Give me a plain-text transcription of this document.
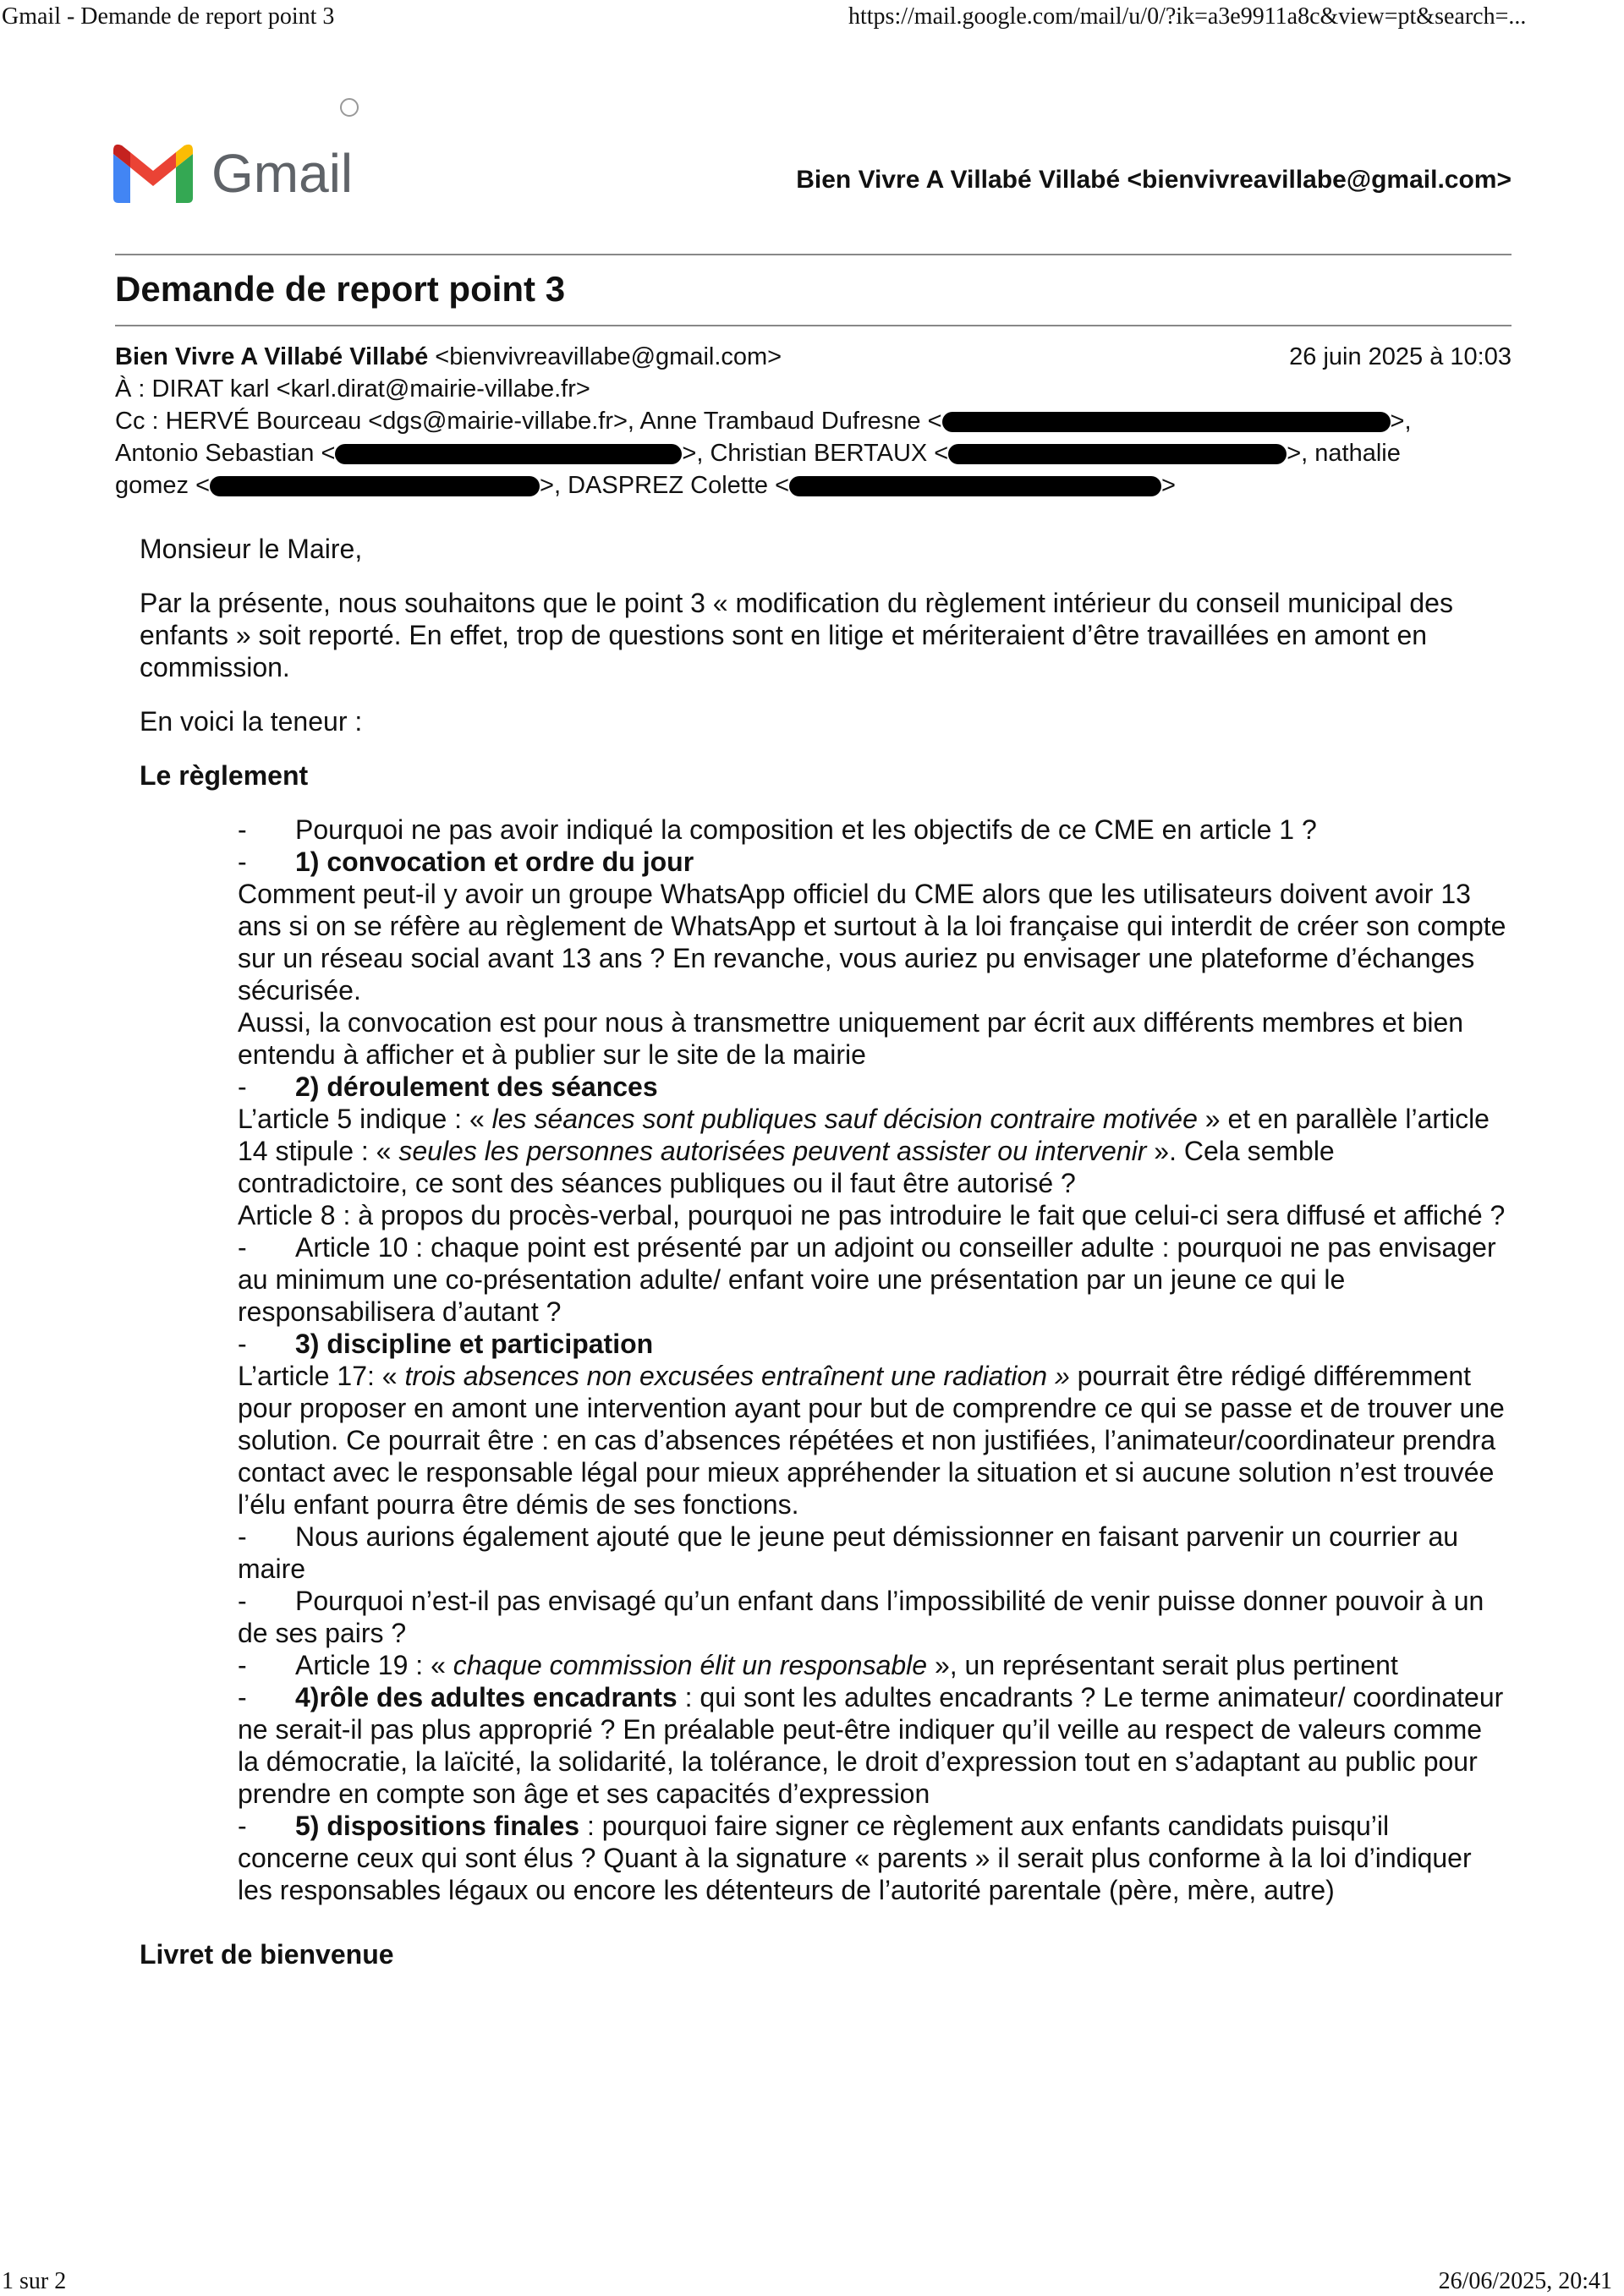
Gmail - Demande de report point 3	https://mail.google.com/mail/u/0/?ik=a3e9911a8c&view=pt&search=...
Gmail	Bien Vivre A Villabé Villabé <bienvivreavillabe@gmail.com>
Demande de report point 3
Bien Vivre A Villabé Villabé <bienvivreavillabe@gmail.com>	26 juin 2025 à 10:03
À : DIRAT karl <karl.dirat@mairie-villabe.fr>
Cc : HERVÉ Bourceau <dgs@mairie-villabe.fr>, Anne Trambaud Dufresne <	>,
Antonio Sebastian <	>, Christian BERTAUX <	>, nathalie
gomez <	>, DASPREZ Colette <	>

Monsieur le Maire,

Par la présente, nous souhaitons que le point 3 « modification du règlement intérieur du conseil municipal des enfants » soit reporté. En effet, trop de questions sont en litige et mériteraient d’être travaillées en amont en commission.

En voici la teneur :

Le règlement
- Pourquoi ne pas avoir indiqué la composition et les objectifs de ce CME en article 1 ?
- 1) convocation et ordre du jour
Comment peut-il y avoir un groupe WhatsApp officiel du CME alors que les utilisateurs doivent avoir 13 ans si on se réfère au règlement de WhatsApp et surtout à la loi française qui interdit de créer son compte sur un réseau social avant 13 ans ? En revanche, vous auriez pu envisager une plateforme d’échanges sécurisée.
Aussi, la convocation est pour nous à transmettre uniquement par écrit aux différents membres et bien entendu à afficher et à publier sur le site de la mairie
- 2) déroulement des séances
L’article 5 indique : « les séances sont publiques sauf décision contraire motivée » et en parallèle l’article 14 stipule : « seules les personnes autorisées peuvent assister ou intervenir ». Cela semble contradictoire, ce sont des séances publiques ou il faut être autorisé ?
Article 8 : à propos du procès-verbal, pourquoi ne pas introduire le fait que celui-ci sera diffusé et affiché ?
- Article 10 : chaque point est présenté par un adjoint ou conseiller adulte : pourquoi ne pas envisager au minimum une co-présentation adulte/ enfant voire une présentation par un jeune ce qui le responsabilisera d’autant ?
- 3) discipline et participation
L’article 17: « trois absences non excusées entraînent une radiation » pourrait être rédigé différemment pour proposer en amont une intervention ayant pour but de comprendre ce qui se passe et de trouver une solution. Ce pourrait être : en cas d’absences répétées et non justifiées, l’animateur/coordinateur prendra contact avec le responsable légal pour mieux appréhender la situation et si aucune solution n’est trouvée l’élu enfant pourra être démis de ses fonctions.
- Nous aurions également ajouté que le jeune peut démissionner en faisant parvenir un courrier au maire
- Pourquoi n’est-il pas envisagé qu’un enfant dans l’impossibilité de venir puisse donner pouvoir à un de ses pairs ?
- Article 19 : « chaque commission élit un responsable », un représentant serait plus pertinent
- 4)rôle des adultes encadrants : qui sont les adultes encadrants ? Le terme animateur/ coordinateur ne serait-il pas plus approprié ? En préalable peut-être indiquer qu’il veille au respect de valeurs comme la démocratie, la laïcité, la solidarité, la tolérance, le droit d’expression tout en s’adaptant au public pour prendre en compte son âge et ses capacités d’expression
- 5) dispositions finales : pourquoi faire signer ce règlement aux enfants candidats puisqu’il concerne ceux qui sont élus ? Quant à la signature « parents » il serait plus conforme à la loi d’indiquer les responsables légaux ou encore les détenteurs de l’autorité parentale (père, mère, autre)
Livret de bienvenue
1 sur 2	26/06/2025, 20:41
